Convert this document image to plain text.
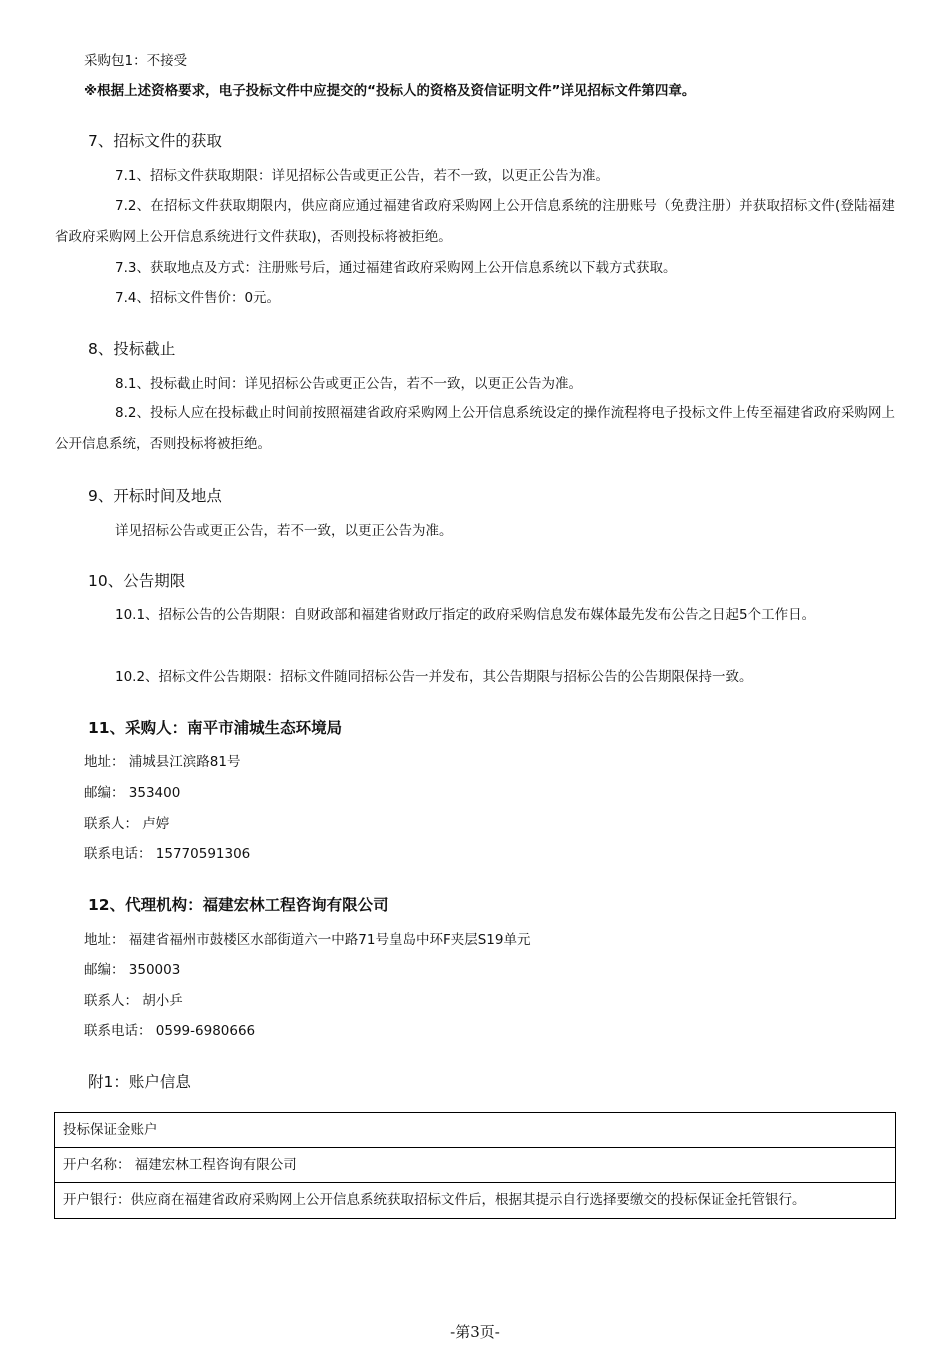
采购包1：不接受
※根据上述资格要求，电子投标文件中应提交的“投标人的资格及资信证明文件”详见招标文件第四章。
7、招标文件的获取
7.1、招标文件获取期限：详见招标公告或更正公告，若不一致，以更正公告为准。
7.2、在招标文件获取期限内，供应商应通过福建省政府采购网上公开信息系统的注册账号（免费注册）并获取招标文件(登陆福建省政府采购网上公开信息系统进行文件获取)，否则投标将被拒绝。
7.3、获取地点及方式：注册账号后，通过福建省政府采购网上公开信息系统以下载方式获取。
7.4、招标文件售价：0元。
8、投标截止
8.1、投标截止时间：详见招标公告或更正公告，若不一致，以更正公告为准。
8.2、投标人应在投标截止时间前按照福建省政府采购网上公开信息系统设定的操作流程将电子投标文件上传至福建省政府采购网上公开信息系统，否则投标将被拒绝。
9、开标时间及地点
详见招标公告或更正公告，若不一致，以更正公告为准。
10、公告期限
10.1、招标公告的公告期限：自财政部和福建省财政厅指定的政府采购信息发布媒体最先发布公告之日起5个工作日。
10.2、招标文件公告期限：招标文件随同招标公告一并发布，其公告期限与招标公告的公告期限保持一致。
11、采购人：南平市浦城生态环境局
地址： 浦城县江滨路81号
邮编： 353400
联系人： 卢婷
联系电话： 15770591306
12、代理机构：福建宏林工程咨询有限公司
地址： 福建省福州市鼓楼区水部街道六一中路71号皇岛中环F夹层S19单元
邮编： 350003
联系人： 胡小乒
联系电话： 0599-6980666
附1：账户信息
投标保证金账户
开户名称： 福建宏林工程咨询有限公司
开户银行：供应商在福建省政府采购网上公开信息系统获取招标文件后，根据其提示自行选择要缴交的投标保证金托管银行。
-第3页-
